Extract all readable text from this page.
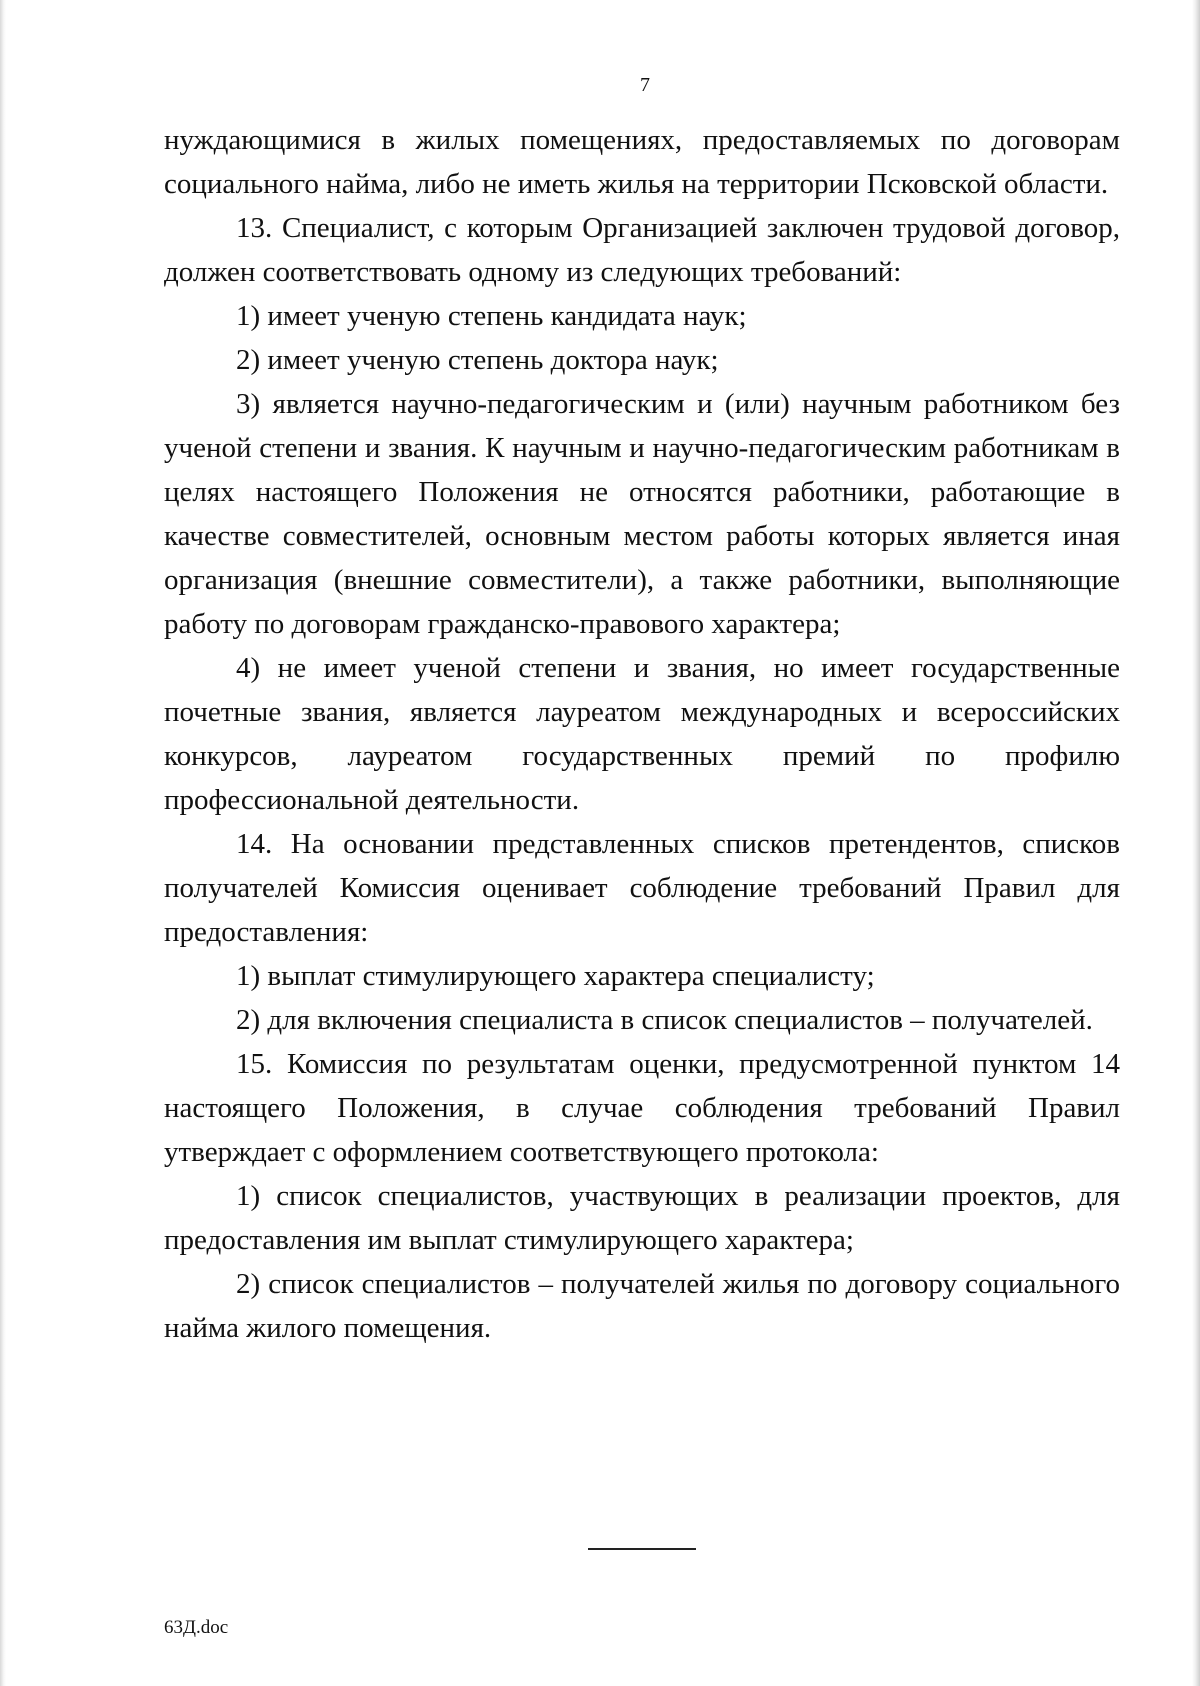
7

нуждающимися в жилых помещениях, предоставляемых по договорам социального найма, либо не иметь жилья на территории Псковской области.

13. Специалист, с которым Организацией заключен трудовой договор, должен соответствовать одному из следующих требований:

1) имеет ученую степень кандидата наук;

2) имеет ученую степень доктора наук;

3) является научно-педагогическим и (или) научным работником без ученой степени и звания. К научным и научно-педагогическим работникам в целях настоящего Положения не относятся работники, работающие в качестве совместителей, основным местом работы которых является иная организация (внешние совместители), а также работники, выполняющие работу по договорам гражданско-правового характера;

4) не имеет ученой степени и звания, но имеет государственные почетные звания, является лауреатом международных и всероссийских конкурсов, лауреатом государственных премий по профилю профессиональной деятельности.

14. На основании представленных списков претендентов, списков получателей Комиссия оценивает соблюдение требований Правил для предоставления:

1) выплат стимулирующего характера специалисту;

2) для включения специалиста в список специалистов – получателей.

15. Комиссия по результатам оценки, предусмотренной пунктом 14 настоящего Положения, в случае соблюдения требований Правил утверждает с оформлением соответствующего протокола:

1) список специалистов, участвующих в реализации проектов, для предоставления им выплат стимулирующего характера;

2) список специалистов – получателей жилья по договору социального найма жилого помещения.

63Д.doc
